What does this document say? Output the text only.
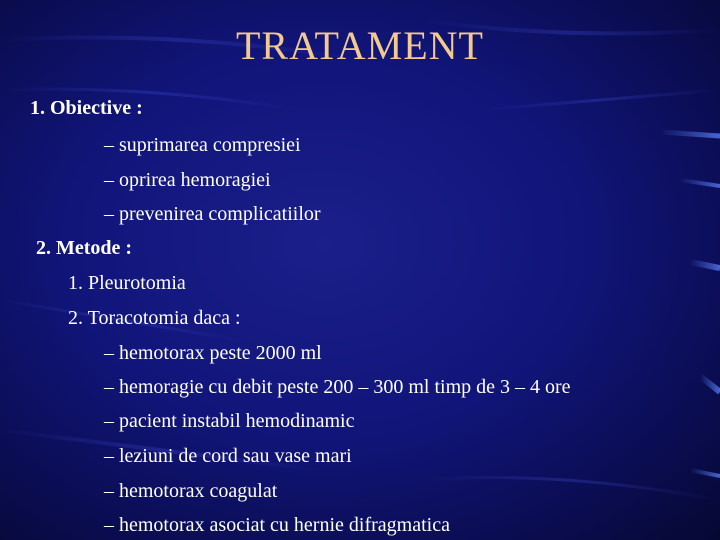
TRATAMENT
1. Obiective :
– suprimarea compresiei
– oprirea hemoragiei
– prevenirea complicatiilor
2. Metode :
1. Pleurotomia
2. Toracotomia daca :
– hemotorax peste 2000 ml
– hemoragie cu debit peste 200 – 300 ml timp de 3 – 4 ore
– pacient instabil hemodinamic
– leziuni de cord sau vase mari
– hemotorax coagulat
– hemotorax asociat cu hernie difragmatica
